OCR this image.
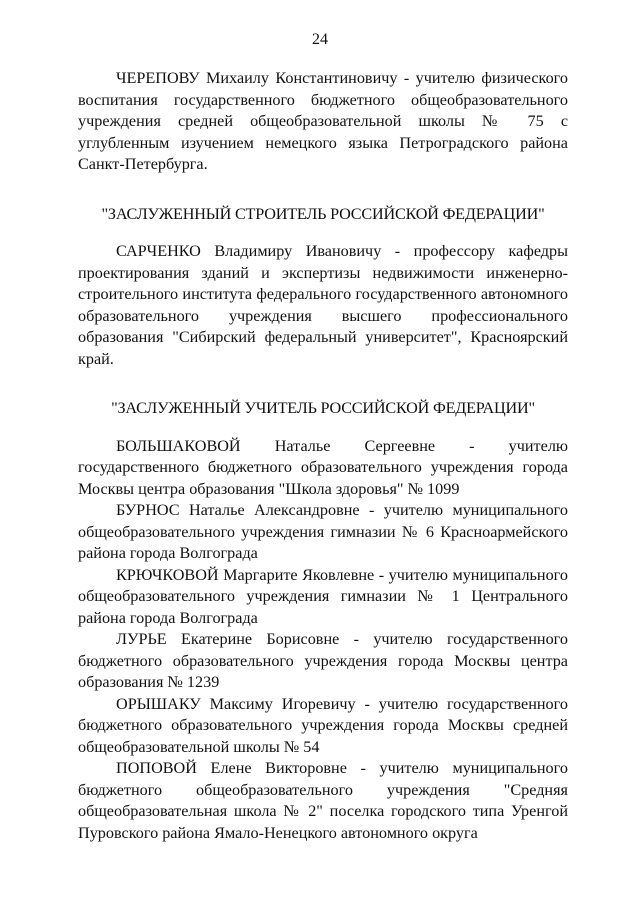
24

ЧЕРЕПОВУ Михаилу Константиновичу - учителю физического воспитания государственного бюджетного общеобразовательного учреждения средней общеобразовательной школы № 75 с углубленным изучением немецкого языка Петроградского района Санкт-Петербурга.

"ЗАСЛУЖЕННЫЙ СТРОИТЕЛЬ РОССИЙСКОЙ ФЕДЕРАЦИИ"

САРЧЕНКО Владимиру Ивановичу - профессору кафедры проектирования зданий и экспертизы недвижимости инженерно-строительного института федерального государственного автономного образовательного учреждения высшего профессионального образования "Сибирский федеральный университет", Красноярский край.

"ЗАСЛУЖЕННЫЙ УЧИТЕЛЬ РОССИЙСКОЙ ФЕДЕРАЦИИ"

БОЛЬШАКОВОЙ Наталье Сергеевне - учителю государственного бюджетного образовательного учреждения города Москвы центра образования "Школа здоровья" № 1099

БУРНОС Наталье Александровне - учителю муниципального общеобразовательного учреждения гимназии № 6 Красноармейского района города Волгограда

КРЮЧКОВОЙ Маргарите Яковлевне - учителю муниципального общеобразовательного учреждения гимназии № 1 Центрального района города Волгограда

ЛУРЬЕ Екатерине Борисовне - учителю государственного бюджетного образовательного учреждения города Москвы центра образования № 1239

ОРЫШАКУ Максиму Игоревичу - учителю государственного бюджетного образовательного учреждения города Москвы средней общеобразовательной школы № 54

ПОПОВОЙ Елене Викторовне - учителю муниципального бюджетного общеобразовательного учреждения "Средняя общеобразовательная школа № 2" поселка городского типа Уренгой Пуровского района Ямало-Ненецкого автономного округа
